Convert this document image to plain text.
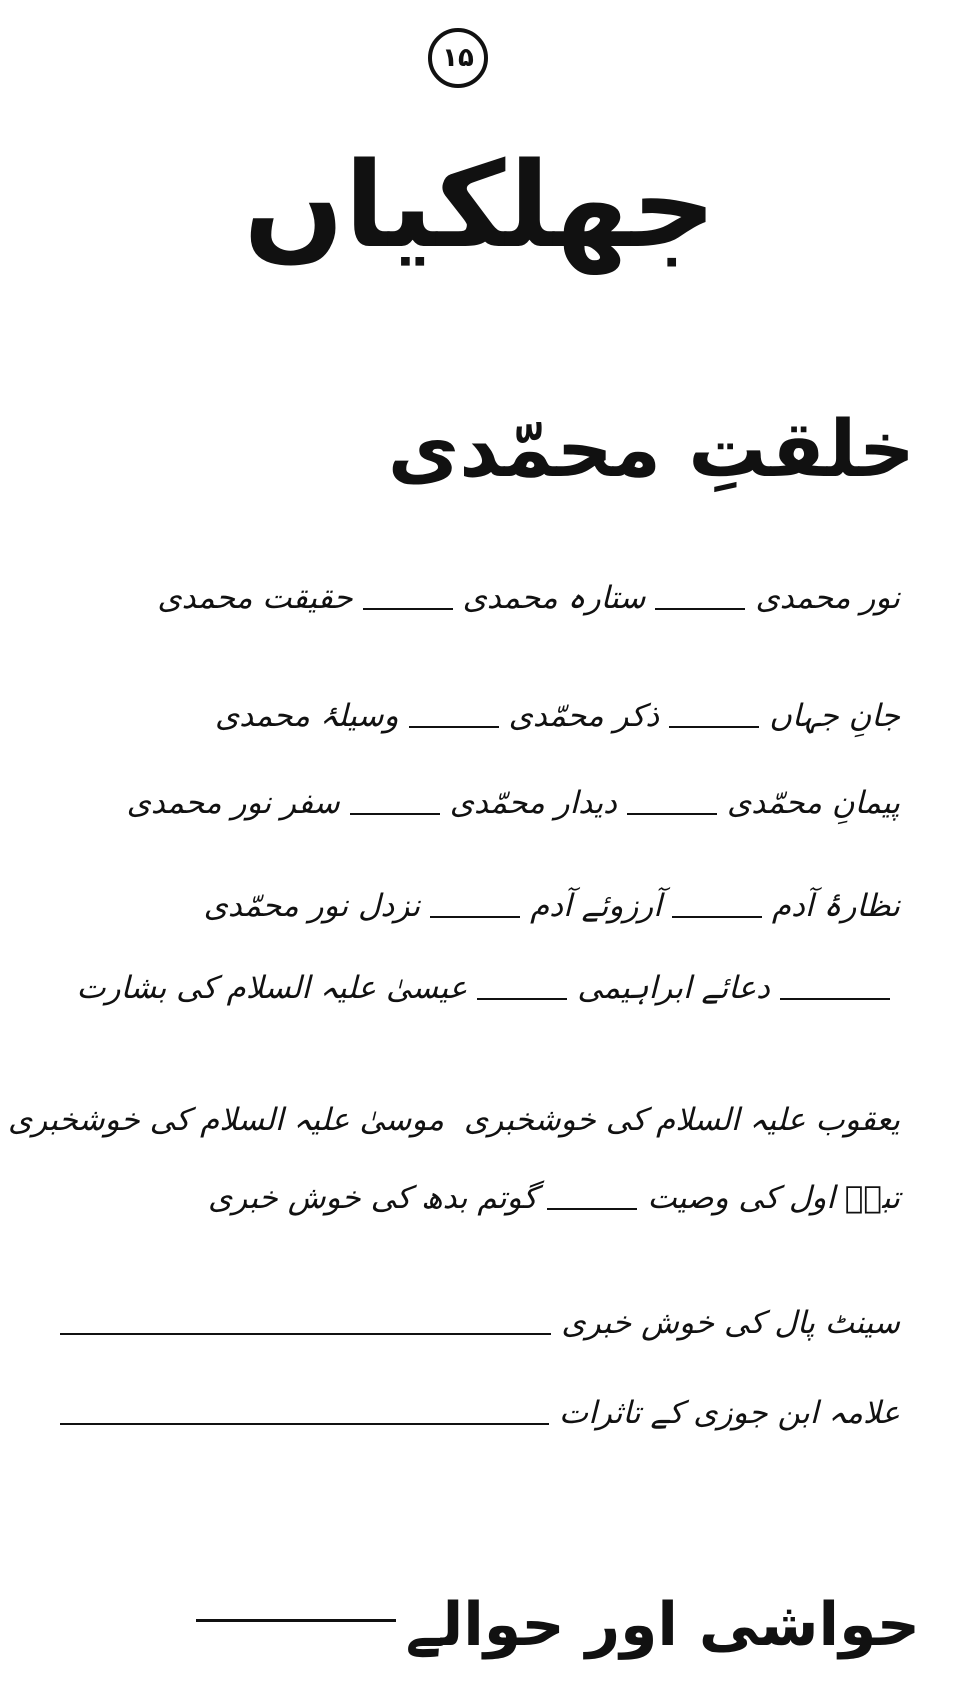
۱۵
جھلکیاں
خلقتِ محمّدی
نور محمدی
ستارہ محمدی
حقیقت محمدی
جانِ جہاں
ذکر محمّدی
وسیلۂ محمدی
پیمانِ محمّدی
دیدار محمّدی
سفر نور محمدی
نظارۂ آدم
آرزوئے آدم
نزدل نور محمّدی
دعائے ابراہیمی
عیسیٰ علیہ السلام کی بشارت
یعقوب علیہ السلام کی خوشخبری
موسیٰ علیہ السلام کی خوشخبری
تبعؑ اول کی وصیت
گوتم بدھ کی خوش خبری
سینٹ پال کی خوش خبری
علامہ ابن جوزی کے تاثرات
حواشی اور حوالے
